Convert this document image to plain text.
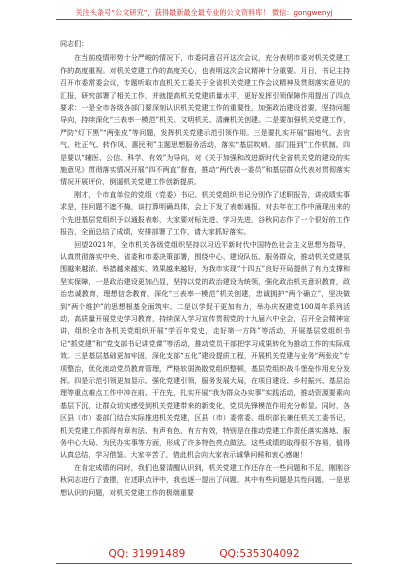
关注头条号“公文研究”，获得最新最全最专业的公文资料库！ 微信：gongwenyj

同志们：

在当前疫情形势十分严峻的情况下，市委同意召开这次会议，充分表明市委对机关党建工作的高度重视。对机关党建工作的高度关心，也表明这次会议精神十分重要。月日，书记主持召开市委常委会议，专题听取市直机关工委关于全省机关党建工作会议精神及贯彻落实意见的汇报，研究部署了相关工作，并就提高机关党建质量水平，更好发挥引领保障作用提出了四点要求：一是全市各级各部门要深刻认识机关党建工作的重要性，加强政治建设首要，坚持问题导向，持续深化“三表率一模范”机关、文明机关、清廉机关创建。二是要加强机关党建工作，严防“灯下黑”“两张皮”等问题，发挥机关党建示范引领作用。三是要扎实开展“掘地气、去官气、杜正气、转作风、惠民利”主题思想服务活动，落实“基层吹哨、部门报到”工作机制。四是要以“辅医、公信、科学、有效”为导向，对《关于加强和改进新时代全省机关党的建设的实施意见》贯彻落实情况开展“四不两直”督查，推动“两代表一委员”和基层群众代表对贯彻落实情况开展评价，倒逼机关党建工作创新提质。

刚才，个市直单位的党组（党委）书记、机关党组织书记分别作了述职报告，讲成绩实事求是，挂问题不遮不掩，谈打算明确具体，会上下发了表彰通报，对去年在工作中涌现出来的个先进基层党组织予以通报表彰，大家要对标先进、学习先进，谷秋同志作了一个很好的工作报告，全面总结了成绩，安排部署了工作，请大家抓好落实。

回望2021年，全市机关各级党组织坚持以习近平新时代中国特色社会主义思想为指导，认真贯彻落实中央、省委和市委决策部署，围绕中心、建设队伍、服务群众，推动机关党建氛围越来越浓、举措越来越实、效果越来越好，为我市实现“十四五”良好开局提供了有力支撑和坚实保障，一是政治建设更加凸显，坚持以党的政治建设为统领，强化政治机关意识教育，政治忠诚教育，理想信念教育，深化“三表率一模范”机关创建，忠诚拥护“两个确立”，坚决做到“两个维护”的思想根基全面筑牢。二是以学促干更加有力，举办庆祝建党100周年系列活动，高质量开展党史学习教育，持续深入学习宣传贯彻党的十九届六中全会，召开全会精神宣讲，组织全市各机关党组织开展“学百年党史，走好第一方阵”等活动，开展基层党组织书记“抓党建”和“党支部书记讲党课”等活动，推动党员干部把学习成果转化为推动工作的实际成效。三是基层基础更加牢固，深化支部“五化”建设提质工程，开展机关党建与业务“两张皮”专项整治，优化流动党员教育管理，严格软弱涣散党组织整顿，基层党组织战斗堡垒作用充分发挥。四是示范引领更加显示。强化党建引领，服务发展大局，在项目建设、乡村振兴、基层治理等重点难点工作中冲在前、干在先，扎实开展“我为群众办实事”实践活动，推动资源要素向基层下沉，让群众切实感受到机关党建带来的新变化，党员先锋模范作用充分彰显。同时，各区县（市）委部门结合实际推进机关党建，区县（市）委常委、组织部长兼任机关工委书记，机关党建工作抓得有章有法、有声有色、有方有效，特别是在推动党建工作责任落实落地、服务中心大局、为民办实事等方面，形成了许多特色亮点做法。这些成绩的取得很不容易，值得认真总结，学习借鉴。大家辛苦了，借此机会向大家表示诚挚问候和衷心感谢！

在肯定成绩的同时，我们也要清醒认识到，机关党建工作还存在一些问题和不足，刚刚谷秋同志进行了查摆，在述职点评中，我也逐一提出了问题，其中有些问题是共性问题，一是思想认识的问题，对机关党建工作的极端重要

QQ: 31991489	QQ:535304092
